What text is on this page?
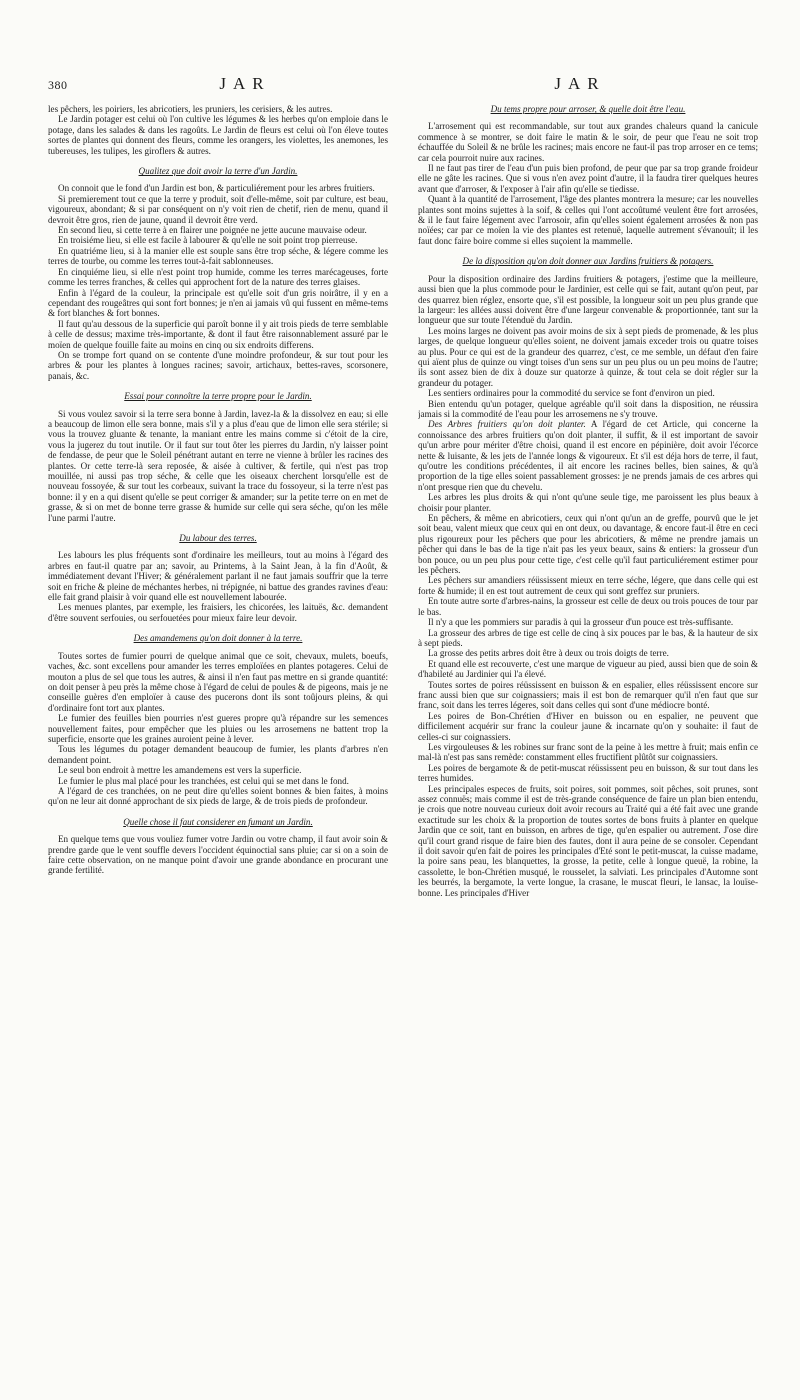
380	JAR	JAR

les pêchers, les poiriers, les abricotiers, les pruniers, les cerisiers, & les autres.

Le Jardin potager est celui où l'on cultive les légumes & les herbes qu'on emploie dans le potage, dans les salades & dans les ragoûts. Le Jardin de fleurs est celui où l'on éleve toutes sortes de plantes qui donnent des fleurs, comme les orangers, les violettes, les anemones, les tubereuses, les tulipes, les giroflers & autres.

Qualitez que doit avoir la terre d'un Jardin.

On connoit que le fond d'un Jardin est bon, & particuliérement pour les arbres fruitiers.

Si premierement tout ce que la terre y produit, soit d'elle-même, soit par culture, est beau, vigoureux, abondant; & si par conséquent on n'y voit rien de chetif, rien de menu, quand il devroit être gros, rien de jaune, quand il devroit être verd.

En second lieu, si cette terre à en flairer une poignée ne jette aucune mauvaise odeur.

En troisiéme lieu, si elle est facile à labourer & qu'elle ne soit point trop pierreuse.

En quatriéme lieu, si à la manier elle est souple sans être trop séche, & légere comme les terres de tourbe, ou comme les terres tout-à-fait sablonneuses.

En cinquiéme lieu, si elle n'est point trop humide, comme les terres marécageuses, forte comme les terres franches, & celles qui approchent fort de la nature des terres glaises.

Enfin à l'égard de la couleur, la principale est qu'elle soit d'un gris noirâtre, il y en a cependant des rougeâtres qui sont fort bonnes; je n'en ai jamais vû qui fussent en même-tems & fort blanches & fort bonnes.

Il faut qu'au dessous de la superficie qui paroît bonne il y ait trois pieds de terre semblable à celle de dessus; maxime très-importante, & dont il faut être raisonnablement assuré par le moïen de quelque fouille faite au moins en cinq ou six endroits differens.

On se trompe fort quand on se contente d'une moindre profondeur, & sur tout pour les arbres & pour les plantes à longues racines; savoir, artichaux, bettes-raves, scorsonere, panais, &c.

Essai pour connoître la terre propre pour le Jardin.

Si vous voulez savoir si la terre sera bonne à Jardin, lavez-la & la dissolvez en eau; si elle a beaucoup de limon elle sera bonne, mais s'il y a plus d'eau que de limon elle sera stérile; si vous la trouvez gluante & tenante, la maniant entre les mains comme si c'étoit de la cire, vous la jugerez du tout inutile. Or il faut sur tout ôter les pierres du Jardin, n'y laisser point de fendasse, de peur que le Soleil pénétrant autant en terre ne vienne à brûler les racines des plantes. Or cette terre-là sera reposée, & aisée à cultiver, & fertile, qui n'est pas trop mouillée, ni aussi pas trop séche, & celle que les oiseaux cherchent lorsqu'elle est de nouveau fossoyée, & sur tout les corbeaux, suivant la trace du fossoyeur, si la terre n'est pas bonne: il y en a qui disent qu'elle se peut corriger & amander; sur la petite terre on en met de grasse, & si on met de bonne terre grasse & humide sur celle qui sera séche, qu'on les mêle l'une parmi l'autre.

Du labour des terres.

Les labours les plus fréquents sont d'ordinaire les meilleurs, tout au moins à l'égard des arbres en faut-il quatre par an; savoir, au Printems, à la Saint Jean, à la fin d'Août, & immédiatement devant l'Hiver; & généralement parlant il ne faut jamais souffrir que la terre soit en friche & pleine de méchantes herbes, ni trépignée, ni battue des grandes ravines d'eau: elle fait grand plaisir à voir quand elle est nouvellement labourée.

Les menues plantes, par exemple, les fraisiers, les chicorées, les laituës, &c. demandent d'être souvent serfouies, ou serfouetées pour mieux faire leur devoir.

Des amandemens qu'on doit donner à la terre.

Toutes sortes de fumier pourri de quelque animal que ce soit, chevaux, mulets, boeufs, vaches, &c. sont excellens pour amander les terres emploïées en plantes potageres. Celui de mouton a plus de sel que tous les autres, & ainsi il n'en faut pas mettre en si grande quantité: on doit penser à peu près la même chose à l'égard de celui de poules & de pigeons, mais je ne conseille guères d'en emploïer à cause des pucerons dont ils sont toûjours pleins, & qui d'ordinaire font tort aux plantes.

Le fumier des feuilles bien pourries n'est gueres propre qu'à répandre sur les semences nouvellement faites, pour empêcher que les pluies ou les arrosemens ne battent trop la superficie, ensorte que les graines auroient peine à lever.

Tous les légumes du potager demandent beaucoup de fumier, les plants d'arbres n'en demandent point.

Le seul bon endroit à mettre les amandemens est vers la superficie.

Le fumier le plus mal placé pour les tranchées, est celui qui se met dans le fond.

A l'égard de ces tranchées, on ne peut dire qu'elles soient bonnes & bien faites, à moins qu'on ne leur ait donné approchant de six pieds de large, & de trois pieds de profondeur.

Quelle chose il faut considerer en fumant un Jardin.

En quelque tems que vous vouliez fumer votre Jardin ou votre champ, il faut avoir soin & prendre garde que le vent souffle devers l'occident équinoctial sans pluie; car si on a soin de faire cette observation, on ne manque point d'avoir une grande abondance en procurant une grande fertilité.

Du tems propre pour arroser, & quelle doit être l'eau.

L'arrosement qui est recommandable, sur tout aux grandes chaleurs quand la canicule commence à se montrer, se doit faire le matin & le soir, de peur que l'eau ne soit trop échauffée du Soleil & ne brûle les racines; mais encore ne faut-il pas trop arroser en ce tems; car cela pourroit nuire aux racines.

Il ne faut pas tirer de l'eau d'un puis bien profond, de peur que par sa trop grande froideur elle ne gâte les racines. Que si vous n'en avez point d'autre, il la faudra tirer quelques heures avant que d'arroser, & l'exposer à l'air afin qu'elle se tiedisse.

Quant à la quantité de l'arrosement, l'âge des plantes montrera la mesure; car les nouvelles plantes sont moins sujettes à la soif, & celles qui l'ont accoûtumé veulent être fort arrosées, & il le faut faire légement avec l'arrosoir, afin qu'elles soient également arrosées & non pas noïées; car par ce moïen la vie des plantes est retenuë, laquelle autrement s'évanouït; il les faut donc faire boire comme si elles suçoient la mammelle.

De la disposition qu'on doit donner aux Jardins fruitiers & potagers.

Pour la disposition ordinaire des Jardins fruitiers & potagers, j'estime que la meilleure, aussi bien que la plus commode pour le Jardinier, est celle qui se fait, autant qu'on peut, par des quarrez bien réglez, ensorte que, s'il est possible, la longueur soit un peu plus grande que la largeur: les allées aussi doivent être d'une largeur convenable & proportionnée, tant sur la longueur que sur toute l'étenduë du Jardin.

Les moins larges ne doivent pas avoir moins de six à sept pieds de promenade, & les plus larges, de quelque longueur qu'elles soient, ne doivent jamais exceder trois ou quatre toises au plus. Pour ce qui est de la grandeur des quarrez, c'est, ce me semble, un défaut d'en faire qui aïent plus de quinze ou vingt toises d'un sens sur un peu plus ou un peu moins de l'autre; ils sont assez bien de dix à douze sur quatorze à quinze, & tout cela se doit régler sur la grandeur du potager.

Les sentiers ordinaires pour la commodité du service se font d'environ un pied.

Bien entendu qu'un potager, quelque agréable qu'il soit dans la disposition, ne réussira jamais si la commodité de l'eau pour les arrosemens ne s'y trouve.

Des Arbres fruitiers qu'on doit planter. A l'égard de cet Article, qui concerne la connoissance des arbres fruitiers qu'on doit planter, il suffit, & il est important de savoir qu'un arbre pour mériter d'être choisi, quand il est encore en pépinière, doit avoir l'écorce nette & luisante, & les jets de l'année longs & vigoureux. Et s'il est déja hors de terre, il faut, qu'outre les conditions précédentes, il ait encore les racines belles, bien saines, & qu'à proportion de la tige elles soient passablement grosses: je ne prends jamais de ces arbres qui n'ont presque rien que du chevelu.

Les arbres les plus droits & qui n'ont qu'une seule tige, me paroissent les plus beaux à choisir pour planter.

En pêchers, & même en abricotiers, ceux qui n'ont qu'un an de greffe, pourvû que le jet soit beau, valent mieux que ceux qui en ont deux, ou davantage, & encore faut-il être en ceci plus rigoureux pour les pêchers que pour les abricotiers, & même ne prendre jamais un pêcher qui dans le bas de la tige n'ait pas les yeux beaux, sains & entiers: la grosseur d'un bon pouce, ou un peu plus pour cette tige, c'est celle qu'il faut particuliérement estimer pour les pêchers.

Les pêchers sur amandiers réüssissent mieux en terre séche, légere, que dans celle qui est forte & humide; il en est tout autrement de ceux qui sont greffez sur pruniers.

En toute autre sorte d'arbres-nains, la grosseur est celle de deux ou trois pouces de tour par le bas.

Il n'y a que les pommiers sur paradis à qui la grosseur d'un pouce est très-suffisante.

La grosseur des arbres de tige est celle de cinq à six pouces par le bas, & la hauteur de six à sept pieds.

La grosse des petits arbres doit être à deux ou trois doigts de terre.

Et quand elle est recouverte, c'est une marque de vigueur au pied, aussi bien que de soin & d'habileté au Jardinier qui l'a élevé.

Toutes sortes de poires réüssissent en buisson & en espalier, elles réüssissent encore sur franc aussi bien que sur coignassiers; mais il est bon de remarquer qu'il n'en faut que sur franc, soit dans les terres légeres, soit dans celles qui sont d'une médiocre bonté.

Les poires de Bon-Chrétien d'Hiver en buisson ou en espalier, ne peuvent que difficilement acquérir sur franc la couleur jaune & incarnate qu'on y souhaite: il faut de celles-ci sur coignassiers.

Les virgouleuses & les robines sur franc sont de la peine à les mettre à fruit; mais enfin ce mal-là n'est pas sans remède: constamment elles fructifient plûtôt sur coignassiers.

Les poires de bergamote & de petit-muscat réüssissent peu en buisson, & sur tout dans les terres humides.

Les principales especes de fruits, soit poires, soit pommes, soit pêches, soit prunes, sont assez connuës; mais comme il est de très-grande conséquence de faire un plan bien entendu, je crois que notre nouveau curieux doit avoir recours au Traité qui a été fait avec une grande exactitude sur les choix & la proportion de toutes sortes de bons fruits à planter en quelque Jardin que ce soit, tant en buisson, en arbres de tige, qu'en espalier ou autrement. J'ose dire qu'il court grand risque de faire bien des fautes, dont il aura peine de se consoler. Cependant il doit savoir qu'en fait de poires les principales d'Eté sont le petit-muscat, la cuisse madame, la poire sans peau, les blanquettes, la grosse, la petite, celle à longue queuë, la robine, la cassolette, le bon-Chrétien musqué, le rousselet, la salviati. Les principales d'Automne sont les beurrés, la bergamote, la verte longue, la crasane, le muscat fleuri, le lansac, la louïse-bonne. Les principales d'Hiver
